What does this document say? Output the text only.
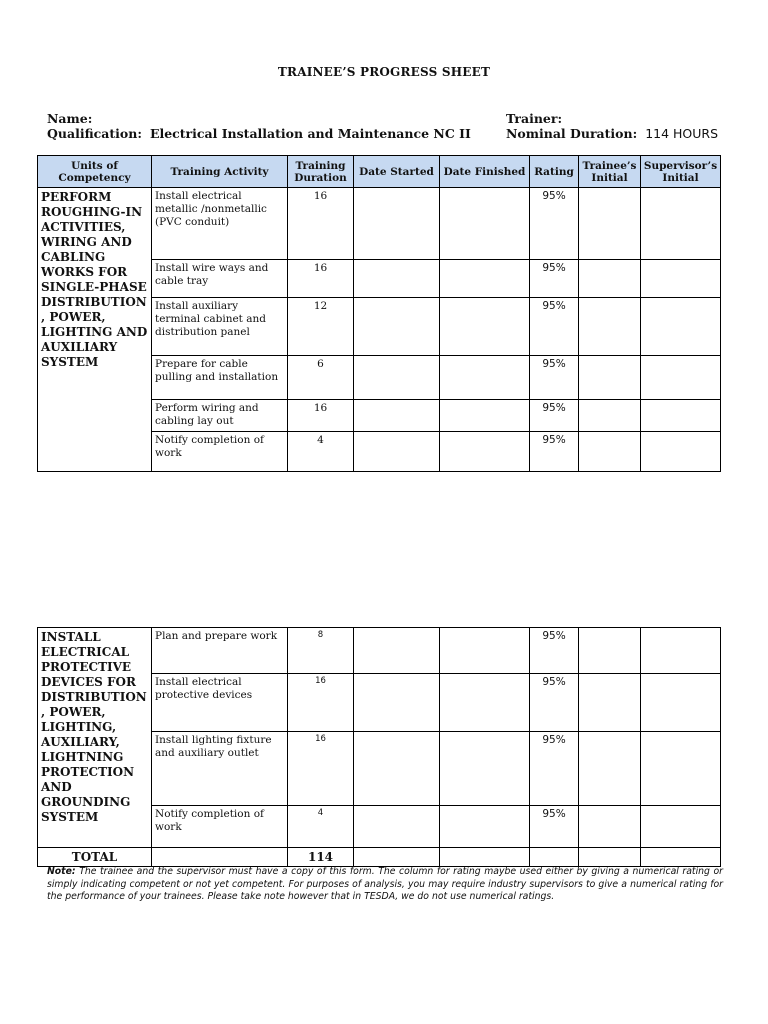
TRAINEE’S PROGRESS SHEET
Name:
Qualification: Electrical Installation and Maintenance NC II
Trainer:
Nominal Duration: 114 HOURS
Units of Competency	Training Activity	Training Duration	Date Started	Date Finished	Rating	Trainee’s Initial	Supervisor’s Initial
PERFORM ROUGHING-IN ACTIVITIES, WIRING AND CABLING WORKS FOR SINGLE-PHASE DISTRIBUTION , POWER, LIGHTING AND AUXILIARY SYSTEM	Install electrical metallic /nonmetallic (PVC conduit)	16			95%		
	Install wire ways and cable tray	16			95%		
	Install auxiliary terminal cabinet and distribution panel	12			95%		
	Prepare for cable pulling and installation	6			95%		
	Perform wiring and cabling lay out	16			95%		
	Notify completion of work	4			95%		
INSTALL ELECTRICAL PROTECTIVE DEVICES FOR DISTRIBUTION , POWER, LIGHTING, AUXILIARY, LIGHTNING PROTECTION AND GROUNDING SYSTEM	Plan and prepare work	8			95%		
	Install electrical protective devices	16			95%		
	Install lighting fixture and auxiliary outlet	16			95%		
	Notify completion of work	4			95%		
TOTAL		114					
Note: The trainee and the supervisor must have a copy of this form. The column for rating maybe used either by giving a numerical rating or simply indicating competent or not yet competent. For purposes of analysis, you may require industry supervisors to give a numerical rating for the performance of your trainees. Please take note however that in TESDA, we do not use numerical ratings.
